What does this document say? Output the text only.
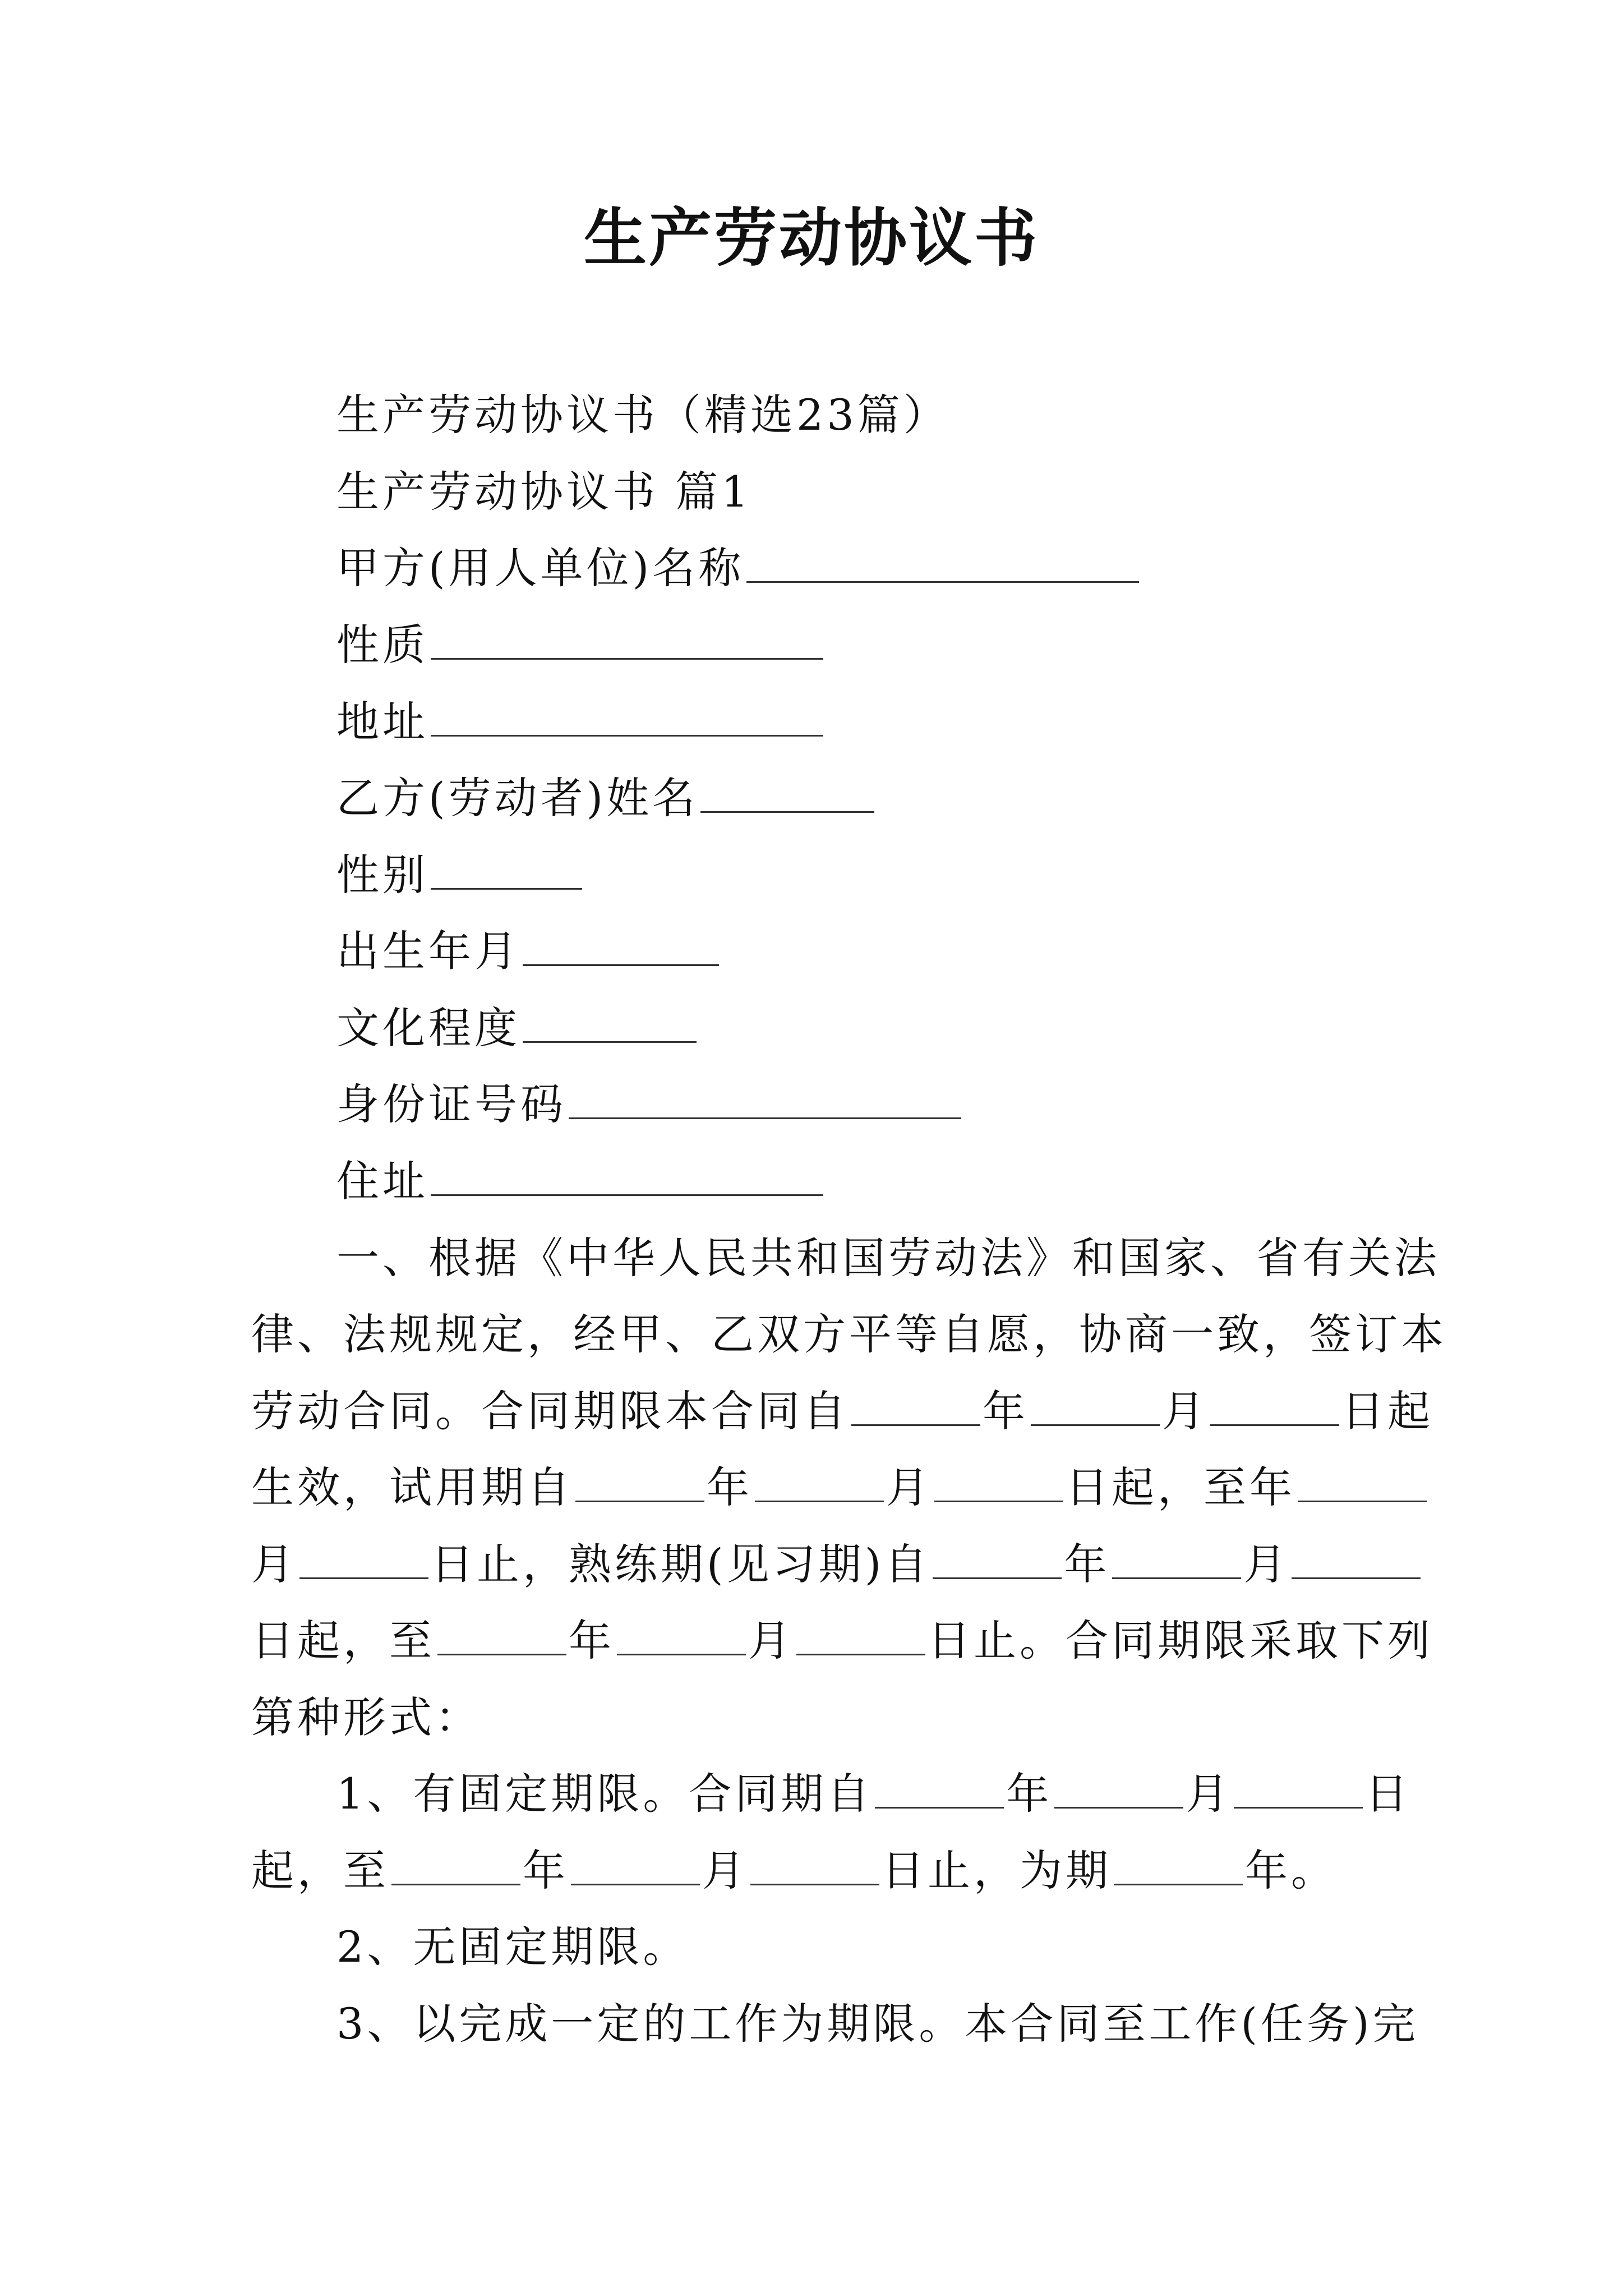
生产劳动协议书
生产劳动协议书（精选23篇）
生产劳动协议书 篇1
甲方(用人单位)名称
性质
地址
乙方(劳动者)姓名
性别
出生年月
文化程度
身份证号码
住址
一、根据《中华人民共和国劳动法》和国家、省有关法
律、法规规定，经甲、乙双方平等自愿，协商一致，签订本
劳动合同。合同期限本合同自	年	月	日起
生效，试用期自	年	月	日起，至年
月	日止，熟练期(见习期)自	年	月
日起，至	年	月	日止。合同期限采取下列
第种形式：
1、有固定期限。合同期自	年	月	日
起，至	年	月	日止，为期	年。
2、无固定期限。
3、以完成一定的工作为期限。本合同至工作(任务)完
